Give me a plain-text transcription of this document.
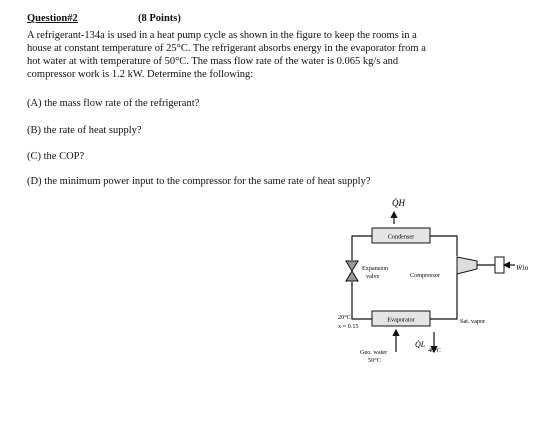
Question#2	(8 Points)
A refrigerant-134a is used in a heat pump cycle as shown in the figure to keep the rooms in a
house at constant temperature of 25°C. The refrigerant absorbs energy in the evaporator from a
hot water at with temperature of 50°C. The mass flow rate of the water is 0.065 kg/s and
compressor work is 1.2 kW. Determine the following:
(A) the mass flow rate of the refrigerant?
(B) the rate of heat supply?
(C) the COP?
(D) the minimum power input to the compressor for the same rate of heat supply?
Q̇H
Condenser
Expansion
valve	Compressor
Ẇin
Evaporator
20°C
x = 0.15
Sat. vapor
Q̇L
Geo. water
50°C
40°C
